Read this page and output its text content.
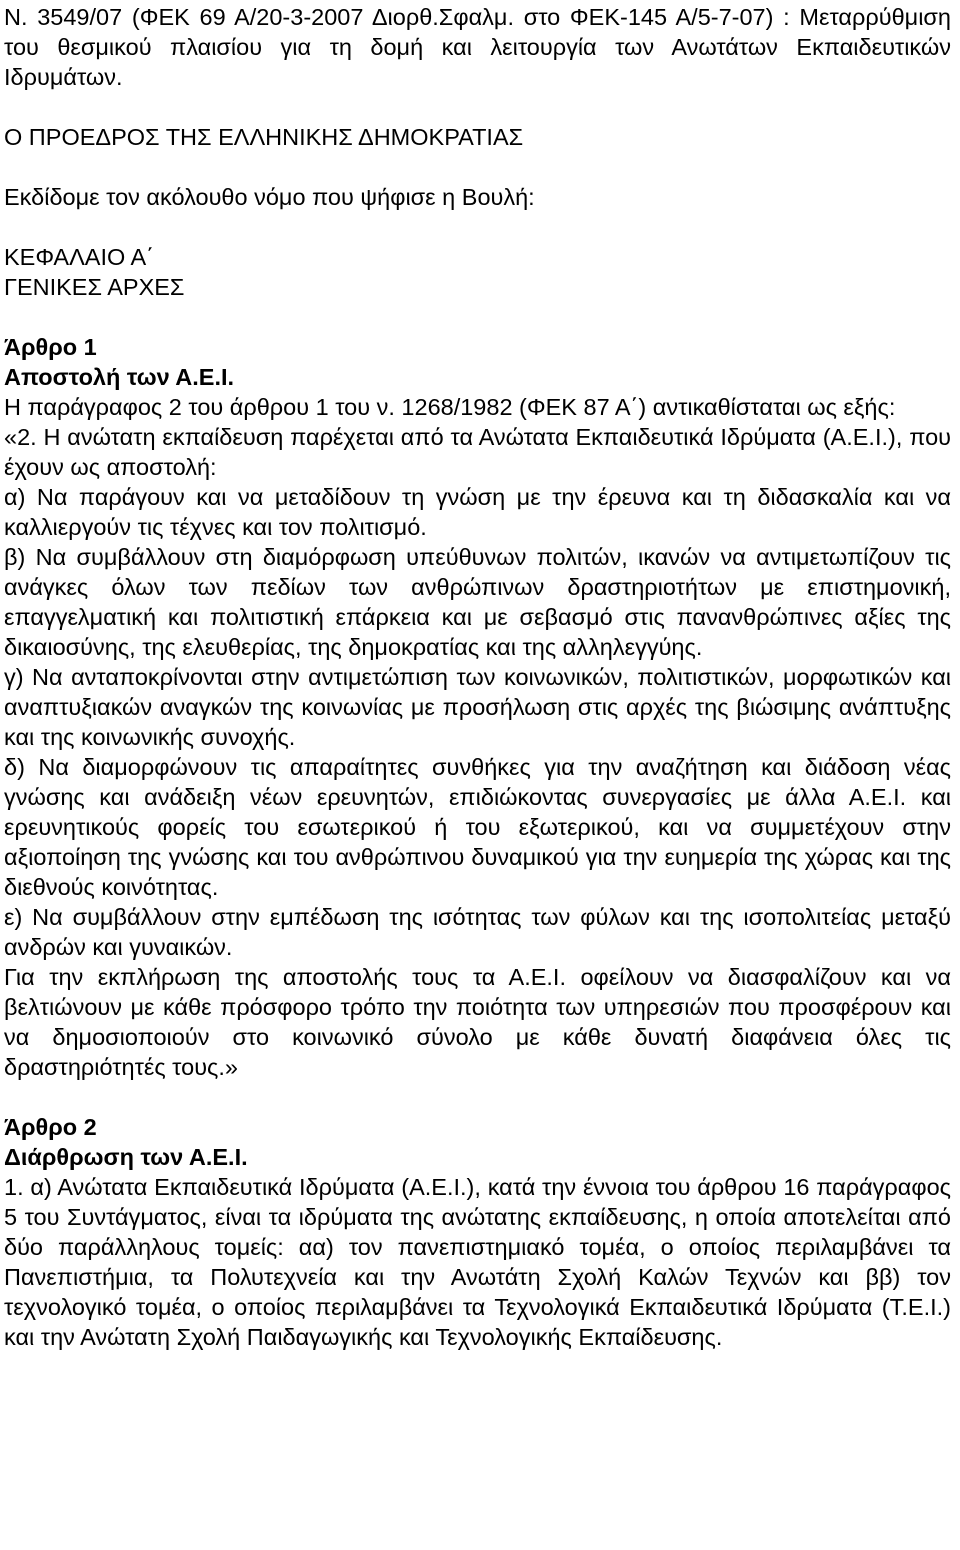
Ν. 3549/07 (ΦΕΚ 69 Α/20-3-2007 Διορθ.Σφαλμ. στο ΦΕΚ-145 Α/5-7-07) : Μεταρρύθμιση του θεσμικού πλαισίου για τη δομή και λειτουργία των Ανωτάτων Εκπαιδευτικών Ιδρυμάτων.

Ο ΠΡΟΕΔΡΟΣ ΤΗΣ ΕΛΛΗΝΙΚΗΣ ΔΗΜΟΚΡΑΤΙΑΣ

Εκδίδομε τον ακόλουθο νόμο που ψήφισε η Βουλή:

ΚΕΦΑΛΑΙΟ Α΄

ΓΕΝΙΚΕΣ ΑΡΧΕΣ

Άρθρο 1

Αποστολή των Α.Ε.Ι.

Η παράγραφος 2 του άρθρου 1 του ν. 1268/1982 (ΦΕΚ 87 Α΄) αντικαθίσταται ως εξής:

«2. Η ανώτατη εκπαίδευση παρέχεται από τα Ανώτατα Εκπαιδευτικά Ιδρύματα (Α.Ε.Ι.), που έχουν ως αποστολή:

α) Να παράγουν και να μεταδίδουν τη γνώση με την έρευνα και τη διδασκαλία και να καλλιεργούν τις τέχνες και τον πολιτισμό.

β) Να συμβάλλουν στη διαμόρφωση υπεύθυνων πολιτών, ικανών να αντιμετωπίζουν τις ανάγκες όλων των πεδίων των ανθρώπινων δραστηριοτήτων με επιστημονική, επαγγελματική και πολιτιστική επάρκεια και με σεβασμό στις πανανθρώπινες αξίες της δικαιοσύνης, της ελευθερίας, της δημοκρατίας και της αλληλεγγύης.

γ) Να ανταποκρίνονται στην αντιμετώπιση των κοινωνικών, πολιτιστικών, μορφωτικών και αναπτυξιακών αναγκών της κοινωνίας με προσήλωση στις αρχές της βιώσιμης ανάπτυξης και της κοινωνικής συνοχής.

δ) Να διαμορφώνουν τις απαραίτητες συνθήκες για την αναζήτηση και διάδοση νέας γνώσης και ανάδειξη νέων ερευνητών, επιδιώκοντας συνεργασίες με άλλα Α.Ε.Ι. και ερευνητικούς φορείς του εσωτερικού ή του εξωτερικού, και να συμμετέχουν στην αξιοποίηση της γνώσης και του ανθρώπινου δυναμικού για την ευημερία της χώρας και της διεθνούς κοινότητας.

ε) Να συμβάλλουν στην εμπέδωση της ισότητας των φύλων και της ισοπολιτείας μεταξύ ανδρών και γυναικών.

Για την εκπλήρωση της αποστολής τους τα Α.Ε.Ι. οφείλουν να διασφαλίζουν και να βελτιώνουν με κάθε πρόσφορο τρόπο την ποιότητα των υπηρεσιών που προσφέρουν και να δημοσιοποιούν στο κοινωνικό σύνολο με κάθε δυνατή διαφάνεια όλες τις δραστηριότητές τους.»

Άρθρο 2

Διάρθρωση των Α.Ε.Ι.

1. α) Ανώτατα Εκπαιδευτικά Ιδρύματα (Α.Ε.Ι.), κατά την έννοια του άρθρου 16 παράγραφος 5 του Συντάγματος, είναι τα ιδρύματα της ανώτατης εκπαίδευσης, η οποία αποτελείται από δύο παράλληλους τομείς: αα) τον πανεπιστημιακό τομέα, ο οποίος περιλαμβάνει τα Πανεπιστήμια, τα Πολυτεχνεία και την Ανωτάτη Σχολή Καλών Τεχνών και ββ) τον τεχνολογικό τομέα, ο οποίος περιλαμβάνει τα Τεχνολογικά Εκπαιδευτικά Ιδρύματα (Τ.Ε.Ι.) και την Ανώτατη Σχολή Παιδαγωγικής και Τεχνολογικής Εκπαίδευσης.
